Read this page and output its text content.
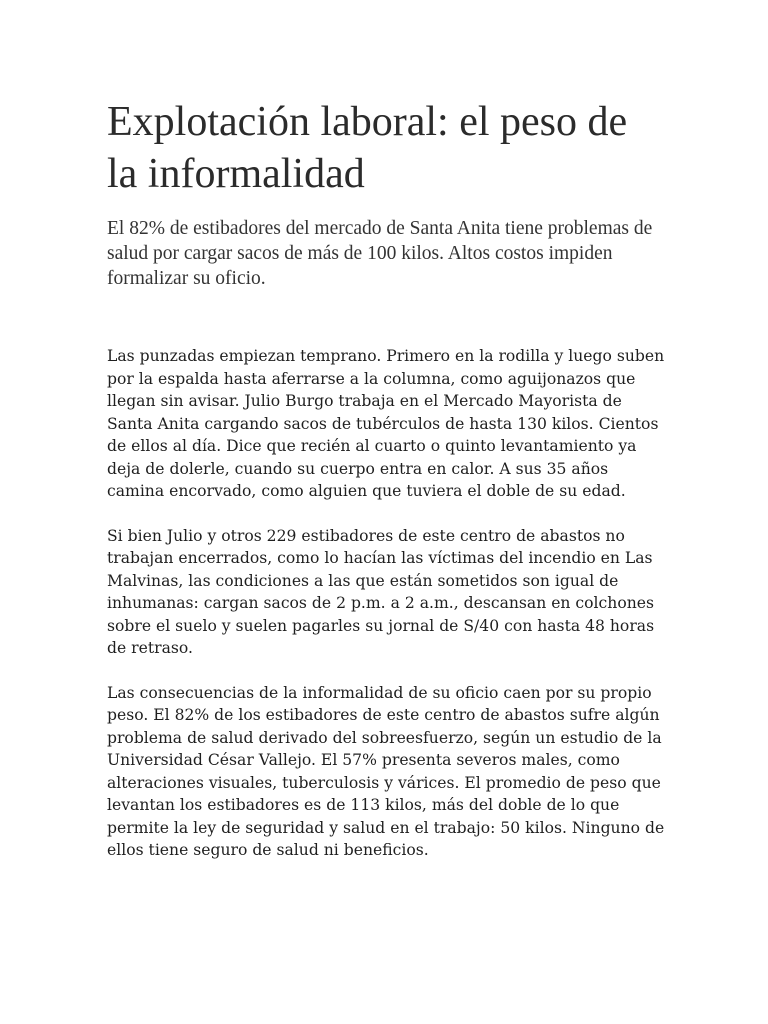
Explotación laboral: el peso de la informalidad

El 82% de estibadores del mercado de Santa Anita tiene problemas de salud por cargar sacos de más de 100 kilos. Altos costos impiden formalizar su oficio.

Las punzadas empiezan temprano. Primero en la rodilla y luego suben por la espalda hasta aferrarse a la columna, como aguijonazos que llegan sin avisar. Julio Burgo trabaja en el Mercado Mayorista de Santa Anita cargando sacos de tubérculos de hasta 130 kilos. Cientos de ellos al día. Dice que recién al cuarto o quinto levantamiento ya deja de dolerle, cuando su cuerpo entra en calor. A sus 35 años camina encorvado, como alguien que tuviera el doble de su edad.

Si bien Julio y otros 229 estibadores de este centro de abastos no trabajan encerrados, como lo hacían las víctimas del incendio en Las Malvinas, las condiciones a las que están sometidos son igual de inhumanas: cargan sacos de 2 p.m. a 2 a.m., descansan en colchones sobre el suelo y suelen pagarles su jornal de S/40 con hasta 48 horas de retraso.

Las consecuencias de la informalidad de su oficio caen por su propio peso. El 82% de los estibadores de este centro de abastos sufre algún problema de salud derivado del sobreesfuerzo, según un estudio de la Universidad César Vallejo. El 57% presenta severos males, como alteraciones visuales, tuberculosis y várices. El promedio de peso que levantan los estibadores es de 113 kilos, más del doble de lo que permite la ley de seguridad y salud en el trabajo: 50 kilos. Ninguno de ellos tiene seguro de salud ni beneficios.
